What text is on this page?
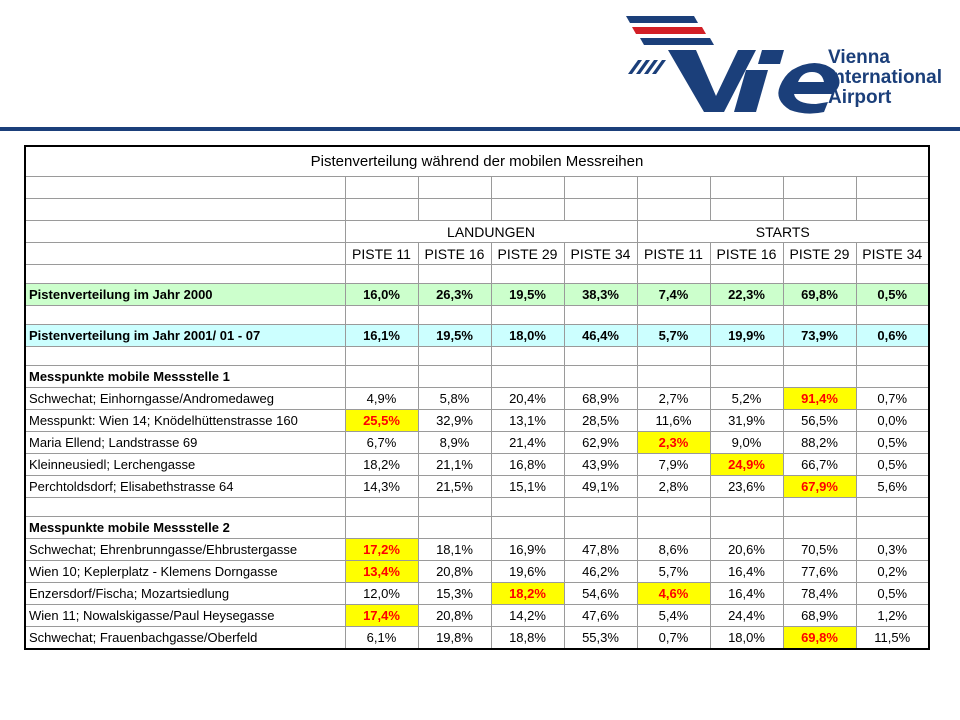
Vienna
International
Airport
Pistenverteilung während der mobilen Messreihen								

	LANDUNGEN				STARTS			
	PISTE 11	PISTE 16	PISTE 29	PISTE 34	PISTE 11	PISTE 16	PISTE 29	PISTE 34

Pistenverteilung im Jahr 2000	16,0%	26,3%	19,5%	38,3%	7,4%	22,3%	69,8%	0,5%

Pistenverteilung im Jahr 2001/ 01 - 07	16,1%	19,5%	18,0%	46,4%	5,7%	19,9%	73,9%	0,6%

Messpunkte mobile Messstelle 1								
Schwechat; Einhorngasse/Andromedaweg	4,9%	5,8%	20,4%	68,9%	2,7%	5,2%	91,4%	0,7%
Messpunkt: Wien 14; Knödelhüttenstrasse 160	25,5%	32,9%	13,1%	28,5%	11,6%	31,9%	56,5%	0,0%
Maria Ellend; Landstrasse 69	6,7%	8,9%	21,4%	62,9%	2,3%	9,0%	88,2%	0,5%
Kleinneusiedl; Lerchengasse	18,2%	21,1%	16,8%	43,9%	7,9%	24,9%	66,7%	0,5%
Perchtoldsdorf; Elisabethstrasse 64	14,3%	21,5%	15,1%	49,1%	2,8%	23,6%	67,9%	5,6%

Messpunkte mobile Messstelle 2								
Schwechat; Ehrenbrunngasse/Ehbrustergasse	17,2%	18,1%	16,9%	47,8%	8,6%	20,6%	70,5%	0,3%
Wien 10; Keplerplatz - Klemens Dorngasse	13,4%	20,8%	19,6%	46,2%	5,7%	16,4%	77,6%	0,2%
Enzersdorf/Fischa; Mozartsiedlung	12,0%	15,3%	18,2%	54,6%	4,6%	16,4%	78,4%	0,5%
Wien 11; Nowalskigasse/Paul Heysegasse	17,4%	20,8%	14,2%	47,6%	5,4%	24,4%	68,9%	1,2%
Schwechat; Frauenbachgasse/Oberfeld	6,1%	19,8%	18,8%	55,3%	0,7%	18,0%	69,8%	11,5%
